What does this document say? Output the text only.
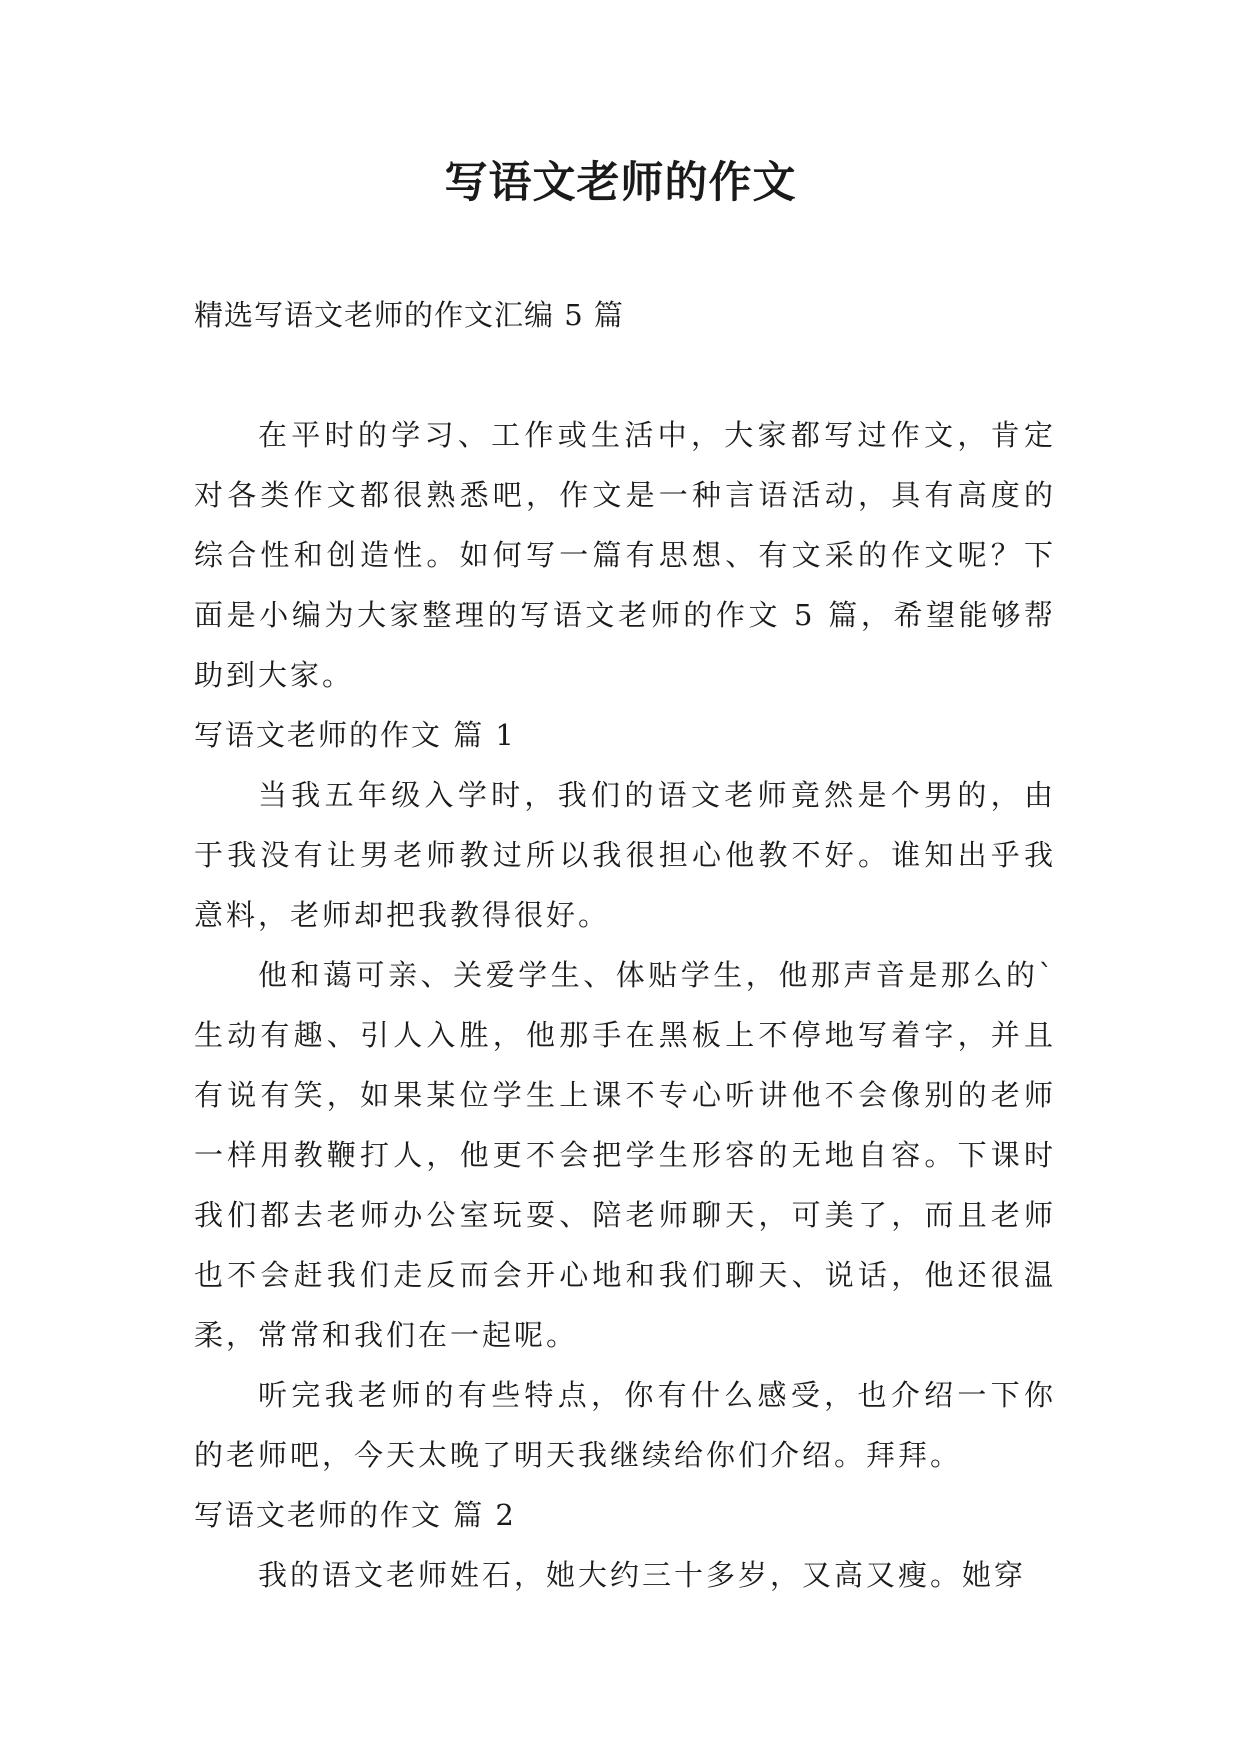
写语文老师的作文

精选写语文老师的作文汇编 5 篇

在平时的学习、工作或生活中，大家都写过作文，肯定对各类作文都很熟悉吧，作文是一种言语活动，具有高度的综合性和创造性。如何写一篇有思想、有文采的作文呢？下面是小编为大家整理的写语文老师的作文 5 篇，希望能够帮助到大家。

写语文老师的作文 篇 1

当我五年级入学时，我们的语文老师竟然是个男的，由于我没有让男老师教过所以我很担心他教不好。谁知出乎我意料，老师却把我教得很好。

他和蔼可亲、关爱学生、体贴学生，他那声音是那么的`生动有趣、引人入胜，他那手在黑板上不停地写着字，并且有说有笑，如果某位学生上课不专心听讲他不会像别的老师一样用教鞭打人，他更不会把学生形容的无地自容。下课时我们都去老师办公室玩耍、陪老师聊天，可美了，而且老师也不会赶我们走反而会开心地和我们聊天、说话，他还很温柔，常常和我们在一起呢。

听完我老师的有些特点，你有什么感受，也介绍一下你的老师吧，今天太晚了明天我继续给你们介绍。拜拜。

写语文老师的作文 篇 2

我的语文老师姓石，她大约三十多岁，又高又瘦。她穿
